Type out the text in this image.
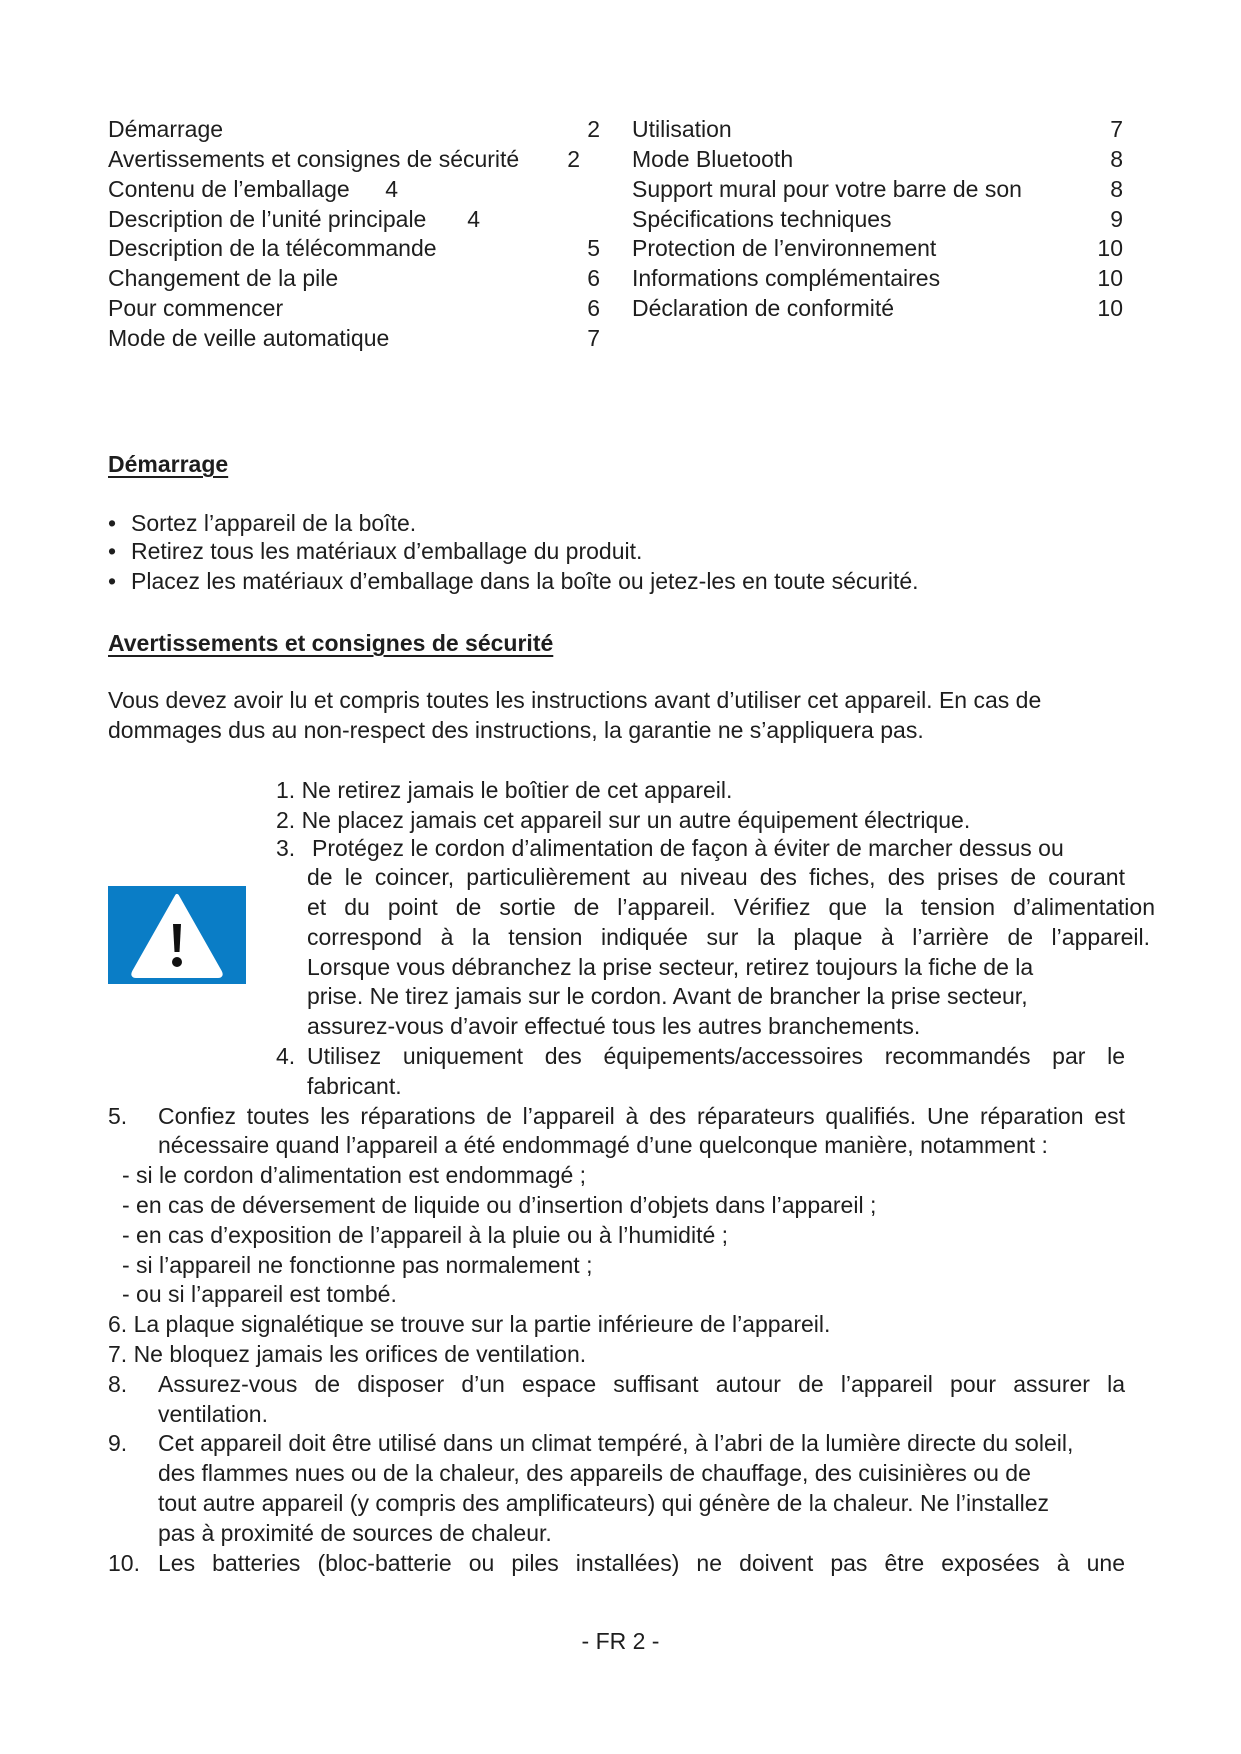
Démarrage	2
Avertissements et consignes de sécurité	2
Contenu de l’emballage	4
Description de l’unité principale	4
Description de la télécommande	5
Changement de la pile	6
Pour commencer	6
Mode de veille automatique	7
Utilisation	7
Mode Bluetooth	8
Support mural pour votre barre de son	8
Spécifications techniques	9
Protection de l’environnement	10
Informations complémentaires	10
Déclaration de conformité	10
Démarrage
• Sortez l’appareil de la boîte.
• Retirez tous les matériaux d’emballage du produit.
• Placez les matériaux d’emballage dans la boîte ou jetez-les en toute sécurité.
Avertissements et consignes de sécurité
Vous devez avoir lu et compris toutes les instructions avant d’utiliser cet appareil. En cas de
dommages dus au non-respect des instructions, la garantie ne s’appliquera pas.
1. Ne retirez jamais le boîtier de cet appareil.
2. Ne placez jamais cet appareil sur un autre équipement électrique.
3. Protégez le cordon d’alimentation de façon à éviter de marcher dessus ou
de le coincer, particulièrement au niveau des fiches, des prises de courant
et du point de sortie de l’appareil. Vérifiez que la tension d’alimentation
correspond à la tension indiquée sur la plaque à l’arrière de l’appareil.
Lorsque vous débranchez la prise secteur, retirez toujours la fiche de la
prise. Ne tirez jamais sur le cordon. Avant de brancher la prise secteur,
assurez-vous d’avoir effectué tous les autres branchements.
4. Utilisez uniquement des équipements/accessoires recommandés par le
fabricant.
5. Confiez toutes les réparations de l’appareil à des réparateurs qualifiés. Une réparation est
nécessaire quand l’appareil a été endommagé d’une quelconque manière, notamment :
- si le cordon d’alimentation est endommagé ;
- en cas de déversement de liquide ou d’insertion d’objets dans l’appareil ;
- en cas d’exposition de l’appareil à la pluie ou à l’humidité ;
- si l’appareil ne fonctionne pas normalement ;
- ou si l’appareil est tombé.
6. La plaque signalétique se trouve sur la partie inférieure de l’appareil.
7. Ne bloquez jamais les orifices de ventilation.
8. Assurez-vous de disposer d’un espace suffisant autour de l’appareil pour assurer la
ventilation.
9. Cet appareil doit être utilisé dans un climat tempéré, à l’abri de la lumière directe du soleil,
des flammes nues ou de la chaleur, des appareils de chauffage, des cuisinières ou de
tout autre appareil (y compris des amplificateurs) qui génère de la chaleur. Ne l’installez
pas à proximité de sources de chaleur.
10. Les batteries (bloc-batterie ou piles installées) ne doivent pas être exposées à une
- FR 2 -
